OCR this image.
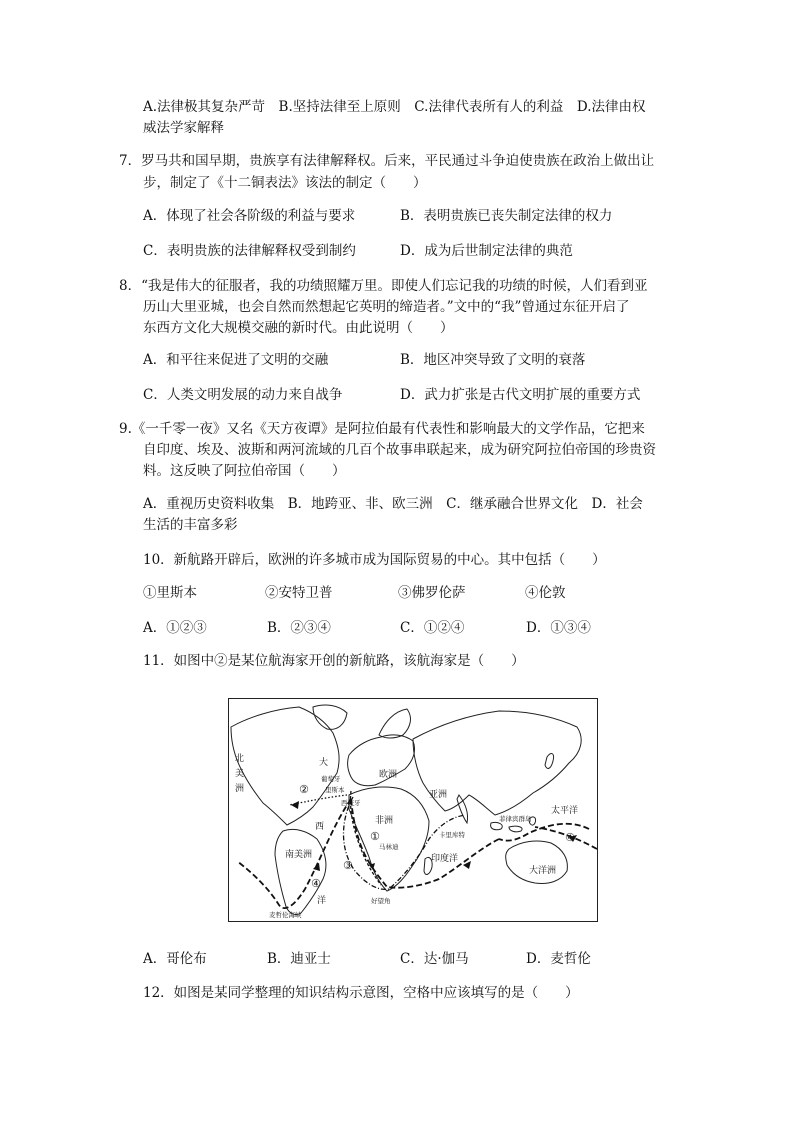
A.法律极其复杂严苛　B.坚持法律至上原则　C.法律代表所有人的利益　D.法律由权
威法学家解释
7．罗马共和国早期，贵族享有法律解释权。后来，平民通过斗争迫使贵族在政治上做出让
步，制定了《十二铜表法》该法的制定（　　）
A．体现了社会各阶级的利益与要求	B．表明贵族已丧失制定法律的权力
C．表明贵族的法律解释权受到制约	D．成为后世制定法律的典范
8．“我是伟大的征服者，我的功绩照耀万里。即使人们忘记我的功绩的时候，人们看到亚
历山大里亚城，也会自然而然想起它英明的缔造者。”文中的“我”曾通过东征开启了
东西方文化大规模交融的新时代。由此说明（　　）
A．和平往来促进了文明的交融	B．地区冲突导致了文明的衰落
C．人类文明发展的动力来自战争	D．武力扩张是古代文明扩展的重要方式
9.《一千零一夜》又名《天方夜谭》是阿拉伯最有代表性和影响最大的文学作品，它把来
自印度、埃及、波斯和两河流域的几百个故事串联起来，成为研究阿拉伯帝国的珍贵资
料。这反映了阿拉伯帝国（　　）
A．重视历史资料收集　B．地跨亚、非、欧三洲　C．继承融合世界文化　D．社会
生活的丰富多彩
10．新航路开辟后，欧洲的许多城市成为国际贸易的中心。其中包括（　　）
①里斯本	②安特卫普	③佛罗伦萨	④伦敦
A．①②③	B．②③④	C．①②④	D．①③④
11．如图中②是某位航海家开创的新航路，该航海家是（　　）
②
①
③
④
④
北
美
洲
大
欧洲
西
非洲
亚洲
南美洲
洋
印度洋
太平洋
大洋洲
葡萄牙
里斯本
西班牙
卡里库特
马林迪
菲律宾群岛
好望角
麦哲伦海峡
A．哥伦布	B．迪亚士	C．达·伽马	D．麦哲伦
12．如图是某同学整理的知识结构示意图，空格中应该填写的是（　　）
